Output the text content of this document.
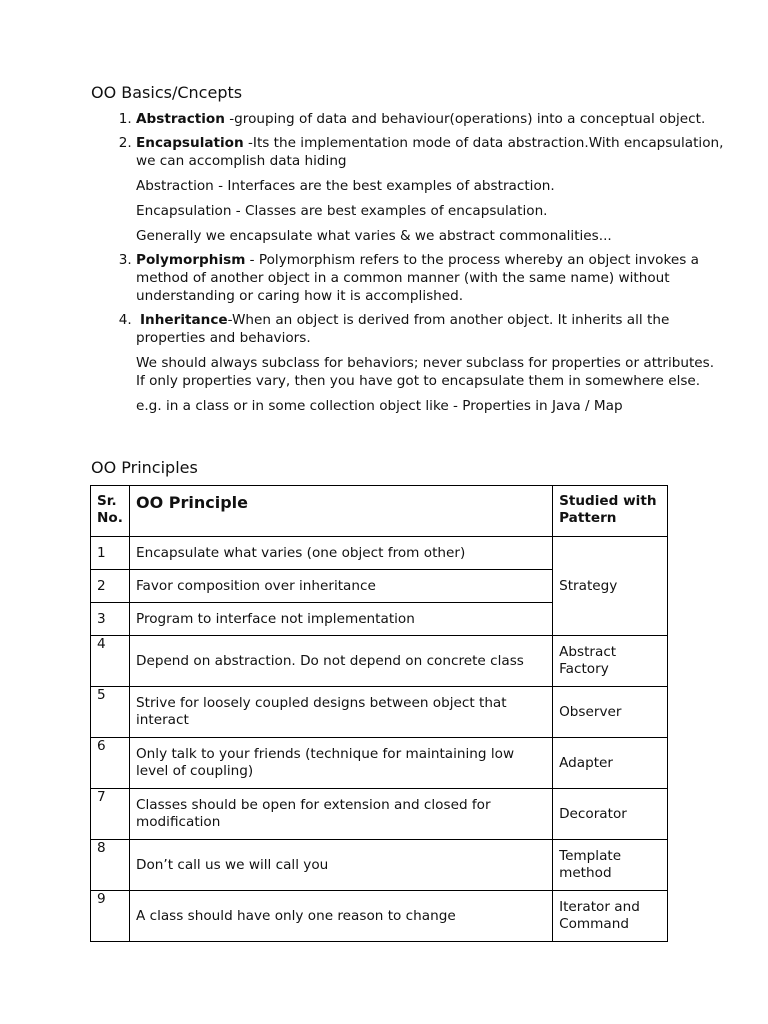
OO Basics/Cncepts
1. Abstraction -grouping of data and behaviour(operations) into a conceptual object.
2. Encapsulation -Its the implementation mode of data abstraction.With encapsulation, we can accomplish data hiding

Abstraction - Interfaces are the best examples of abstraction.

Encapsulation - Classes are best examples of encapsulation.

Generally we encapsulate what varies & we abstract commonalities...

3. Polymorphism - Polymorphism refers to the process whereby an object invokes a method of another object in a common manner (with the same name) without understanding or caring how it is accomplished.
4. Inheritance-When an object is derived from another object. It inherits all the properties and behaviors.

We should always subclass for behaviors; never subclass for properties or attributes. If only properties vary, then you have got to encapsulate them in somewhere else.

e.g. in a class or in some collection object like - Properties in Java / Map

OO Principles
Sr. No.	OO Principle	Studied with Pattern
1	Encapsulate what varies (one object from other)	Strategy
2	Favor composition over inheritance	
3	Program to interface not implementation	
4	Depend on abstraction. Do not depend on concrete class	Abstract Factory
5	Strive for loosely coupled designs between object that interact	Observer
6	Only talk to your friends (technique for maintaining low level of coupling)	Adapter
7	Classes should be open for extension and closed for modification	Decorator
8	Don’t call us we will call you	Template method
9	A class should have only one reason to change	Iterator and Command
